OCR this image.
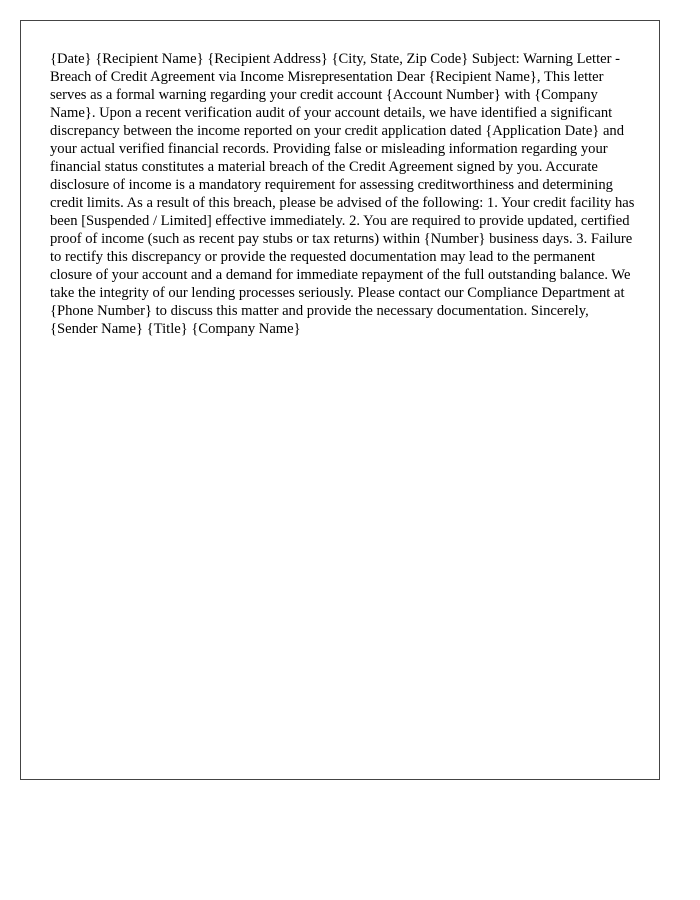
{Date} {Recipient Name} {Recipient Address} {City, State, Zip Code} Subject: Warning Letter - Breach of Credit Agreement via Income Misrepresentation Dear {Recipient Name}, This letter serves as a formal warning regarding your credit account {Account Number} with {Company Name}. Upon a recent verification audit of your account details, we have identified a significant discrepancy between the income reported on your credit application dated {Application Date} and your actual verified financial records. Providing false or misleading information regarding your financial status constitutes a material breach of the Credit Agreement signed by you. Accurate disclosure of income is a mandatory requirement for assessing creditworthiness and determining credit limits. As a result of this breach, please be advised of the following: 1. Your credit facility has been [Suspended / Limited] effective immediately. 2. You are required to provide updated, certified proof of income (such as recent pay stubs or tax returns) within {Number} business days. 3. Failure to rectify this discrepancy or provide the requested documentation may lead to the permanent closure of your account and a demand for immediate repayment of the full outstanding balance. We take the integrity of our lending processes seriously. Please contact our Compliance Department at {Phone Number} to discuss this matter and provide the necessary documentation. Sincerely, {Sender Name} {Title} {Company Name}
